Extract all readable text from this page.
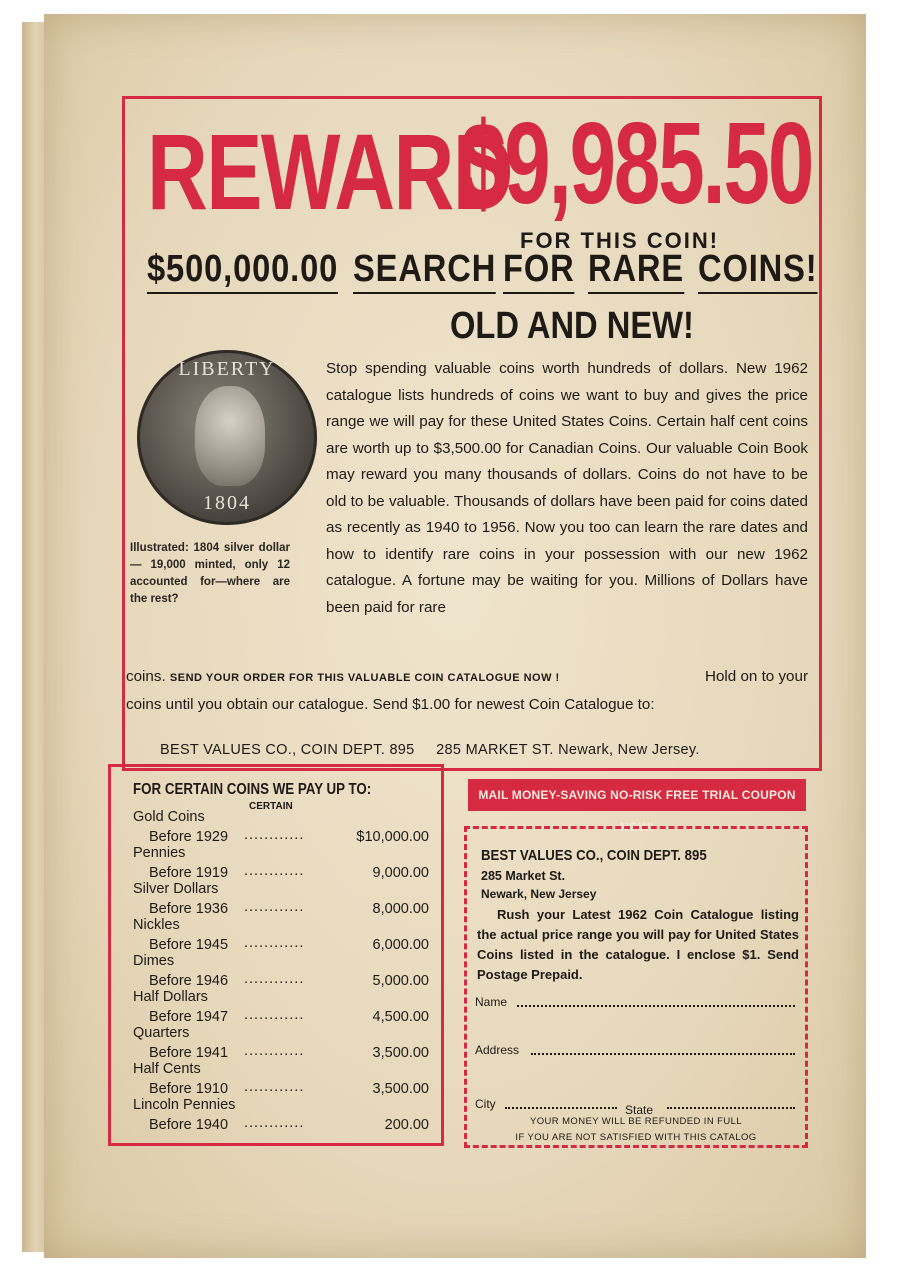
REWARD
$9,985.50
FOR THIS COIN!
$500,000.00 SEARCH FOR RARE COINS!
OLD AND NEW!
LIBERTY
1804
Illustrated: 1804 silver dollar — 19,000 minted, only 12 accounted for—where are the rest?

Stop spending valuable coins worth hundreds of dollars. New 1962 catalogue lists hundreds of coins we want to buy and gives the price range we will pay for these United States Coins. Certain half cent coins are worth up to $3,500.00 for Canadian Coins. Our valuable Coin Book may reward you many thousands of dollars. Coins do not have to be old to be valuable. Thousands of dollars have been paid for coins dated as recently as 1940 to 1956. Now you too can learn the rare dates and how to identify rare coins in your possession with our new 1962 catalogue. A fortune may be waiting for you. Millions of Dollars have been paid for rare

coins. SEND YOUR ORDER FOR THIS VALUABLE COIN CATALOGUE NOW !	Hold on to your
coins until you obtain our catalogue. Send $1.00 for newest Coin Catalogue to:
BEST VALUES CO., COIN DEPT. 895     285 MARKET ST. Newark, New Jersey.
FOR CERTAIN COINS WE PAY UP TO:
CERTAIN
Gold Coins
Before 1929 ............	$10,000.00
Pennies
Before 1919 ............	9,000.00
Silver Dollars
Before 1936 ............	8,000.00
Nickles
Before 1945 ............	6,000.00
Dimes
Before 1946 ............	5,000.00
Half Dollars
Before 1947 ............	4,500.00
Quarters
Before 1941 ............	3,500.00
Half Cents
Before 1910 ............	3,500.00
Lincoln Pennies
Before 1940 ............	200.00
MAIL MONEY-SAVING NO-RISK FREE TRIAL COUPON NOW!
BEST VALUES CO., COIN DEPT. 895
285 Market St.
Newark, New Jersey
Rush your Latest 1962 Coin Catalogue listing the actual price range you will pay for United States Coins listed in the catalogue. I enclose $1. Send Postage Prepaid.
Name
Address
City	State
YOUR MONEY WILL BE REFUNDED IN FULL
IF YOU ARE NOT SATISFIED WITH THIS CATALOG
